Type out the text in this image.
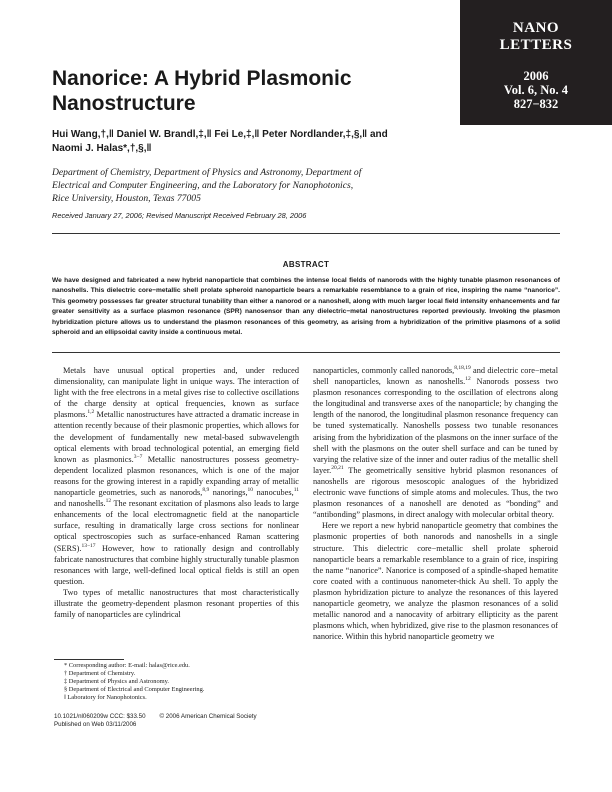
NANO
LETTERS
2006
Vol. 6, No. 4
827−832
Nanorice: A Hybrid Plasmonic
Nanostructure
Hui Wang,†,‖ Daniel W. Brandl,‡,‖ Fei Le,‡,‖ Peter Nordlander,‡,§,‖ and
Naomi J. Halas*,†,§,‖
Department of Chemistry, Department of Physics and Astronomy, Department of
Electrical and Computer Engineering, and the Laboratory for Nanophotonics,
Rice University, Houston, Texas 77005
Received January 27, 2006; Revised Manuscript Received February 28, 2006
ABSTRACT
We have designed and fabricated a new hybrid nanoparticle that combines the intense local fields of nanorods with the highly tunable plasmon resonances of nanoshells. This dielectric core−metallic shell prolate spheroid nanoparticle bears a remarkable resemblance to a grain of rice, inspiring the name “nanorice”. This geometry possesses far greater structural tunability than either a nanorod or a nanoshell, along with much larger local field intensity enhancements and far greater sensitivity as a surface plasmon resonance (SPR) nanosensor than any dielectric−metal nanostructures reported previously. Invoking the plasmon hybridization picture allows us to understand the plasmon resonances of this geometry, as arising from a hybridization of the primitive plasmons of a solid spheroid and an ellipsoidal cavity inside a continuous metal.

Metals have unusual optical properties and, under reduced dimensionality, can manipulate light in unique ways. The interaction of light with the free electrons in a metal gives rise to collective oscillations of the charge density at optical frequencies, known as surface plasmons.$^{1,2}$ Metallic nanostructures have attracted a dramatic increase in attention recently because of their plasmonic properties, which allows for the development of fundamentally new metal-based subwavelength optical elements with broad technological potential, an emerging field known as plasmonics.$^{3-7}$ Metallic nanostructures possess geometry-dependent localized plasmon resonances, which is one of the major reasons for the growing interest in a rapidly expanding array of metallic nanoparticle geometries, such as nanorods,$^{8,9}$ nanorings,$^{10}$ nanocubes,$^{11}$ and nanoshells.$^{12}$ The resonant excitation of plasmons also leads to large enhancements of the local electromagnetic field at the nanoparticle surface, resulting in dramatically large cross sections for nonlinear optical spectroscopies such as surface-enhanced Raman scattering (SERS).$^{13-17}$ However, how to rationally design and controllably fabricate nanostructures that combine highly structurally tunable plasmon resonances with large, well-defined local optical fields is still an open question.

Two types of metallic nanostructures that most characteristically illustrate the geometry-dependent plasmon resonant properties of this family of nanoparticles are cylindrical

nanoparticles, commonly called nanorods,$^{8,18,19}$ and dielectric core−metal shell nanoparticles, known as nanoshells.$^{12}$ Nanorods possess two plasmon resonances corresponding to the oscillation of electrons along the longitudinal and transverse axes of the nanoparticle; by changing the length of the nanorod, the longitudinal plasmon resonance frequency can be tuned systematically. Nanoshells possess two tunable resonances arising from the hybridization of the plasmons on the inner surface of the shell with the plasmons on the outer shell surface and can be tuned by varying the relative size of the inner and outer radius of the metallic shell layer.$^{20,21}$ The geometrically sensitive hybrid plasmon resonances of nanoshells are rigorous mesoscopic analogues of the hybridized electronic wave functions of simple atoms and molecules. Thus, the two plasmon resonances of a nanoshell are denoted as “bonding” and “antibonding” plasmons, in direct analogy with molecular orbital theory.

Here we report a new hybrid nanoparticle geometry that combines the plasmonic properties of both nanorods and nanoshells in a single structure. This dielectric core−metallic shell prolate spheroid nanoparticle bears a remarkable resemblance to a grain of rice, inspiring the name “nanorice”. Nanorice is composed of a spindle-shaped hematite core coated with a continuous nanometer-thick Au shell. To apply the plasmon hybridization picture to analyze the resonances of this layered nanoparticle geometry, we analyze the plasmon resonances of a solid metallic nanorod and a nanocavity of arbitrary ellipticity as the parent plasmons which, when hybridized, give rise to the plasmon resonances of nanorice. Within this hybrid nanoparticle geometry we

* Corresponding author: E-mail: halas@rice.edu.
† Department of Chemistry.
‡ Department of Physics and Astronomy.
§ Department of Electrical and Computer Engineering.
‖ Laboratory for Nanophotonics.
10.1021/nl060209w CCC: $33.50 © 2006 American Chemical Society
Published on Web 03/11/2006
